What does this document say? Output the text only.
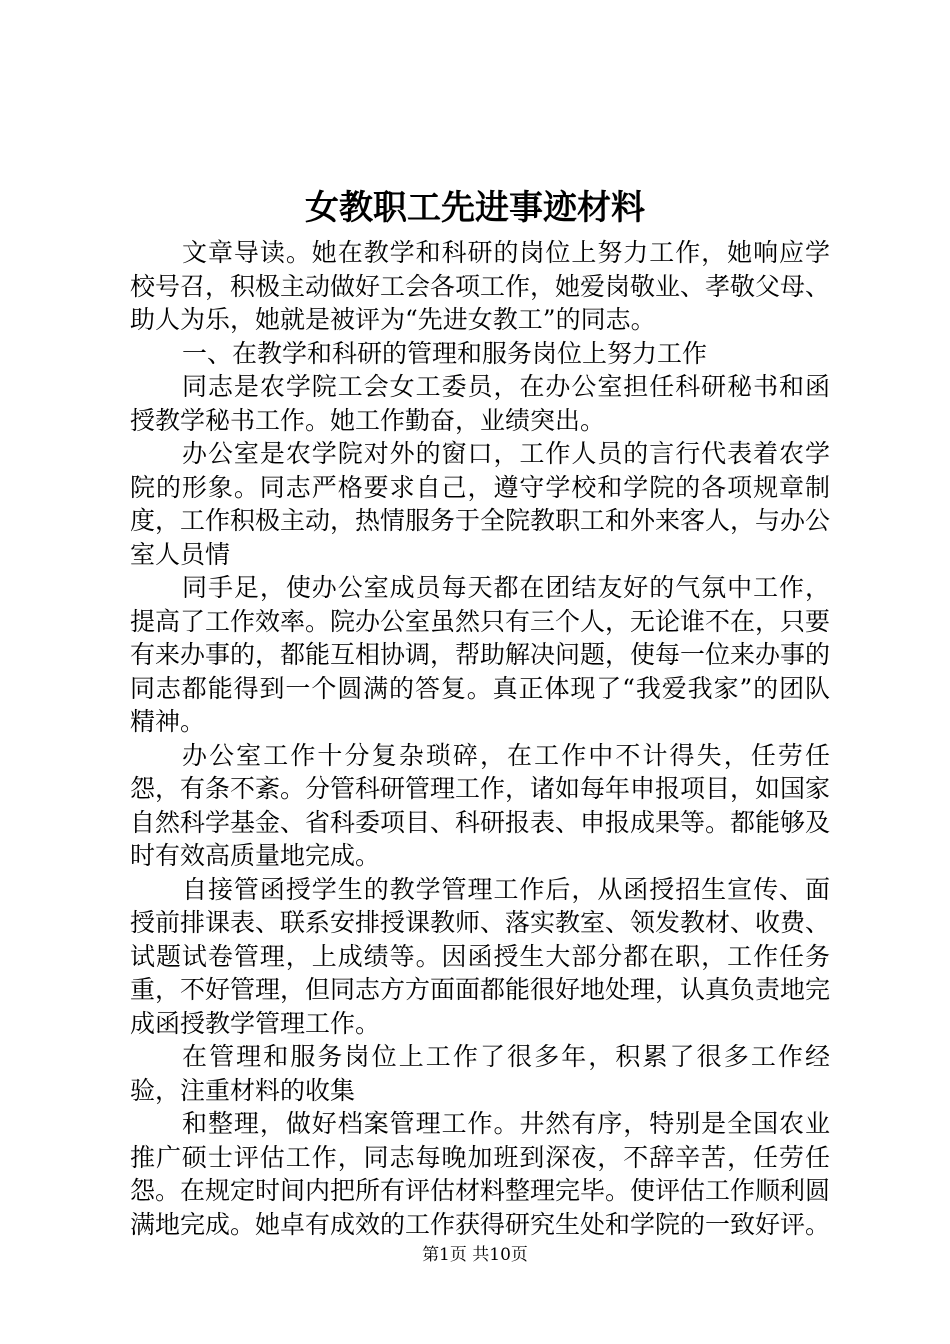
女教职工先进事迹材料

文章导读。她在教学和科研的岗位上努力工作，她响应学校号召，积极主动做好工会各项工作，她爱岗敬业、孝敬父母、助人为乐，她就是被评为“先进女教工”的同志。

一、在教学和科研的管理和服务岗位上努力工作

同志是农学院工会女工委员，在办公室担任科研秘书和函授教学秘书工作。她工作勤奋，业绩突出。

办公室是农学院对外的窗口，工作人员的言行代表着农学院的形象。同志严格要求自己，遵守学校和学院的各项规章制度，工作积极主动，热情服务于全院教职工和外来客人，与办公室人员情

同手足，使办公室成员每天都在团结友好的气氛中工作，提高了工作效率。院办公室虽然只有三个人，无论谁不在，只要有来办事的，都能互相协调，帮助解决问题，使每一位来办事的同志都能得到一个圆满的答复。真正体现了“我爱我家”的团队精神。

办公室工作十分复杂琐碎，在工作中不计得失，任劳任怨，有条不紊。分管科研管理工作，诸如每年申报项目，如国家自然科学基金、省科委项目、科研报表、申报成果等。都能够及时有效高质量地完成。

自接管函授学生的教学管理工作后，从函授招生宣传、面授前排课表、联系安排授课教师、落实教室、领发教材、收费、试题试卷管理，上成绩等。因函授生大部分都在职，工作任务重，不好管理，但同志方方面面都能很好地处理，认真负责地完成函授教学管理工作。

在管理和服务岗位上工作了很多年，积累了很多工作经验，注重材料的收集

和整理，做好档案管理工作。井然有序，特别是全国农业推广硕士评估工作，同志每晚加班到深夜，不辞辛苦，任劳任怨。在规定时间内把所有评估材料整理完毕。使评估工作顺利圆满地完成。她卓有成效的工作获得研究生处和学院的一致好评。

第1页 共10页
